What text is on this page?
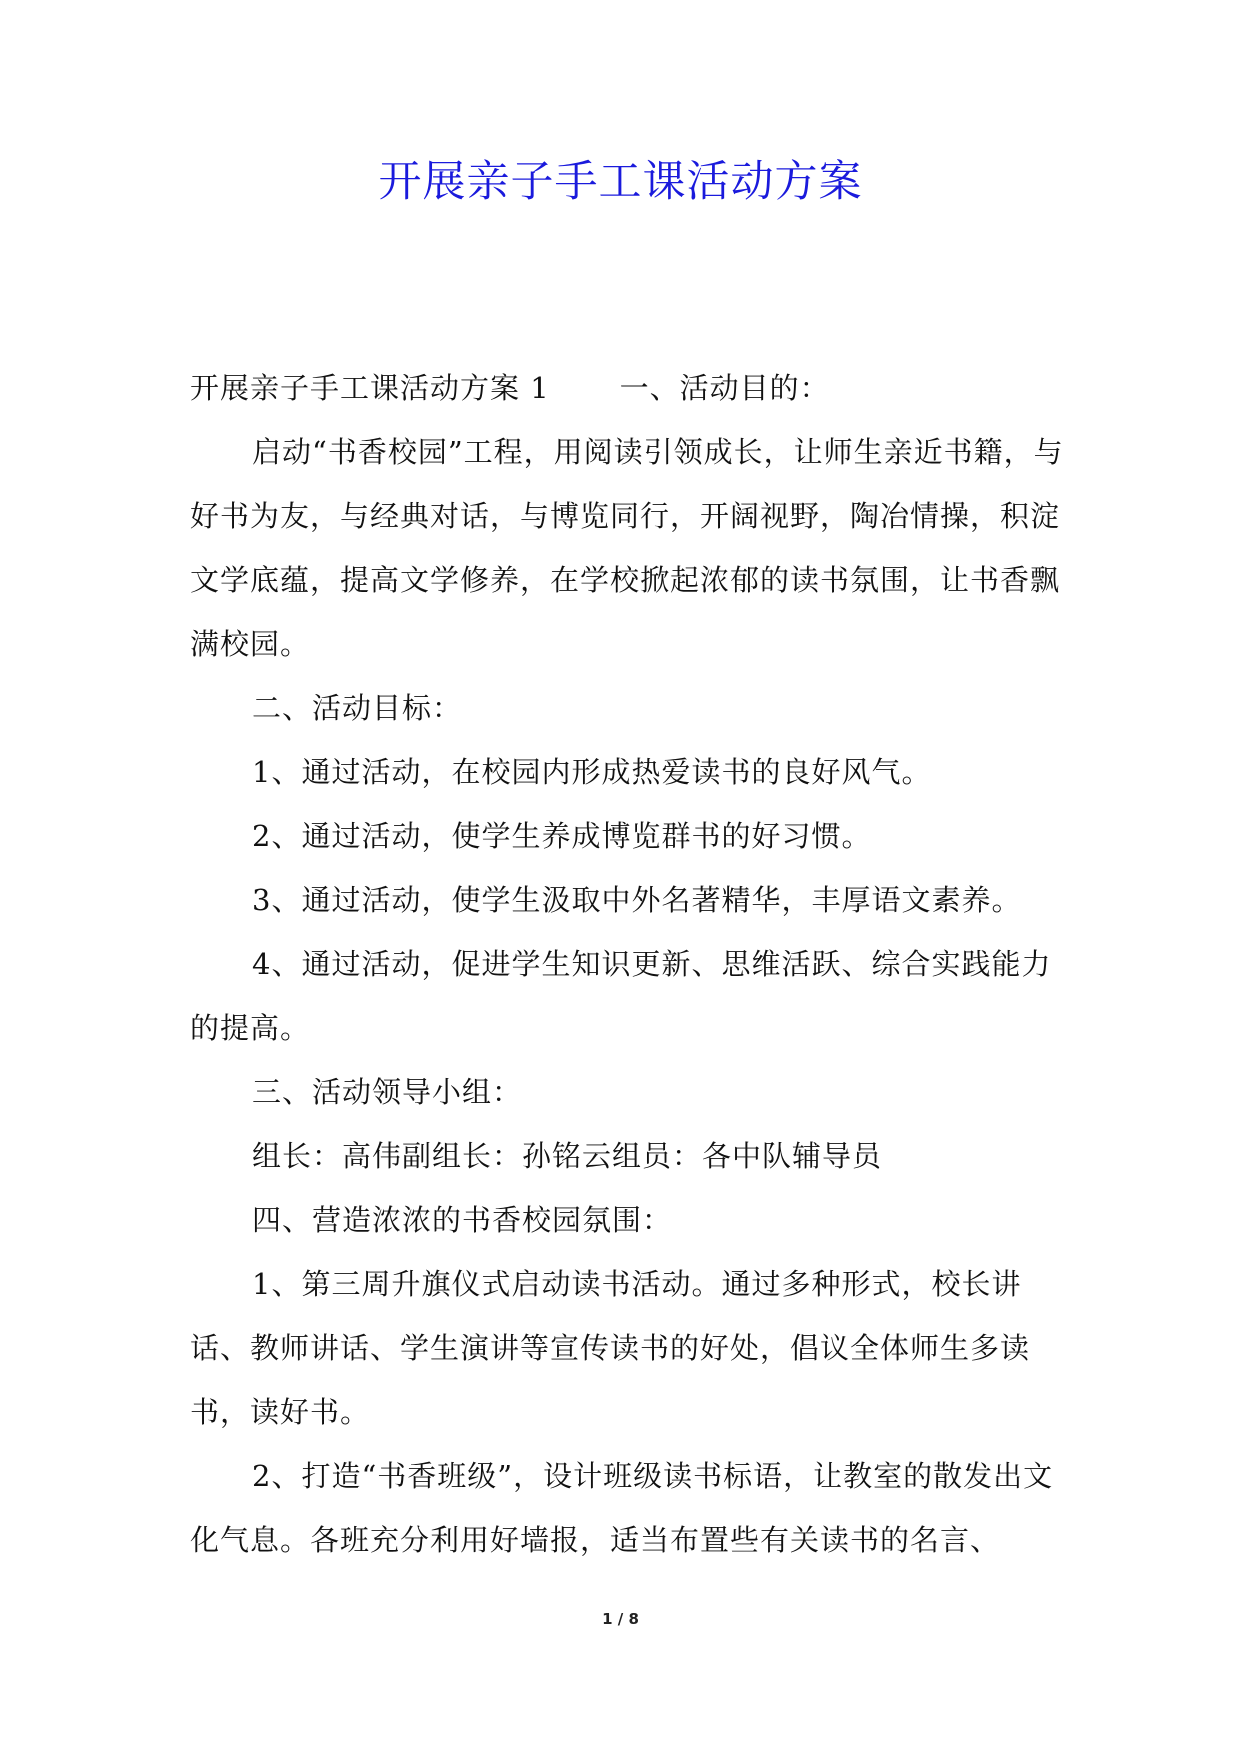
开展亲子手工课活动方案

开展亲子手工课活动方案 1 一、活动目的：

启动“书香校园”工程，用阅读引领成长，让师生亲近书籍，与好书为友，与经典对话，与博览同行，开阔视野，陶冶情操，积淀文学底蕴，提高文学修养，在学校掀起浓郁的读书氛围，让书香飘满校园。

二、活动目标：

1、通过活动，在校园内形成热爱读书的良好风气。

2、通过活动，使学生养成博览群书的好习惯。

3、通过活动，使学生汲取中外名著精华，丰厚语文素养。

4、通过活动，促进学生知识更新、思维活跃、综合实践能力的提高。

三、活动领导小组：

组长：高伟副组长：孙铭云组员：各中队辅导员

四、营造浓浓的书香校园氛围：

1、第三周升旗仪式启动读书活动。通过多种形式，校长讲话、教师讲话、学生演讲等宣传读书的好处，倡议全体师生多读书，读好书。

2、打造“书香班级”，设计班级读书标语，让教室的散发出文化气息。各班充分利用好墙报，适当布置些有关读书的名言、

1 / 8
